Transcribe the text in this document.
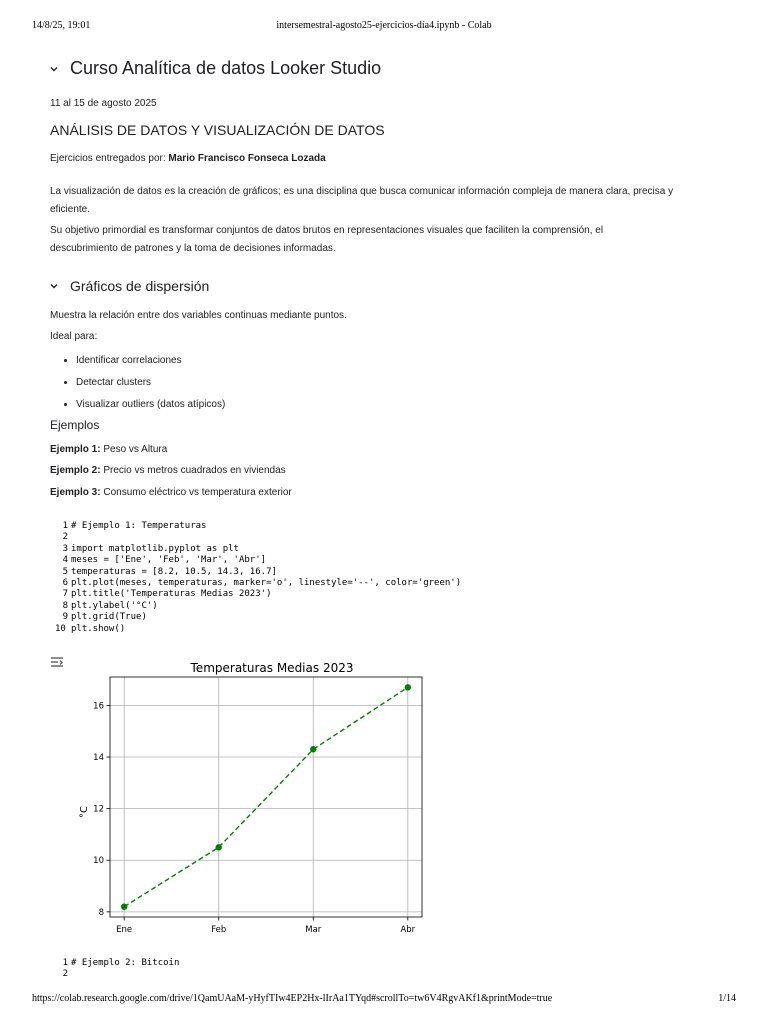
14/8/25, 19:01	intersemestral-agosto25-ejercicios-día4.ipynb - Colab
Curso Analítica de datos Looker Studio
11 al 15 de agosto 2025
ANÁLISIS DE DATOS Y VISUALIZACIÓN DE DATOS
Ejercicios entregados por: Mario Francisco Fonseca Lozada
La visualización de datos es la creación de gráficos; es una disciplina que busca comunicar información compleja de manera clara, precisa y eficiente.
Su objetivo primordial es transformar conjuntos de datos brutos en representaciones visuales que faciliten la comprensión, el descubrimiento de patrones y la toma de decisiones informadas.
Gráficos de dispersión
Muestra la relación entre dos variables continuas mediante puntos.
Ideal para:
• Identificar correlaciones
• Detectar clusters
• Visualizar outliers (datos atípicos)
Ejemplos
Ejemplo 1: Peso vs Altura
Ejemplo 2: Precio vs metros cuadrados en viviendas
Ejemplo 3: Consumo eléctrico vs temperatura exterior
1 # Ejemplo 1: Temperaturas
2
3 import matplotlib.pyplot as plt
4 meses = ['Ene', 'Feb', 'Mar', 'Abr']
5 temperaturas = [8.2, 10.5, 14.3, 16.7]
6 plt.plot(meses, temperaturas, marker='o', linestyle='--', color='green')
7 plt.title('Temperaturas Medias 2023')
8 plt.ylabel('°C')
9 plt.grid(True)
10 plt.show()
Temperaturas Medias 2023
°C
Ene	Feb	Mar	Abr
8
10
12
14
16
1 # Ejemplo 2: Bitcoin
2
https://colab.research.google.com/drive/1QamUAaM-yHyfTIw4EP2Hx-lIrAa1TYqd#scrollTo=tw6V4RgvAKf1&printMode=true	1/14
